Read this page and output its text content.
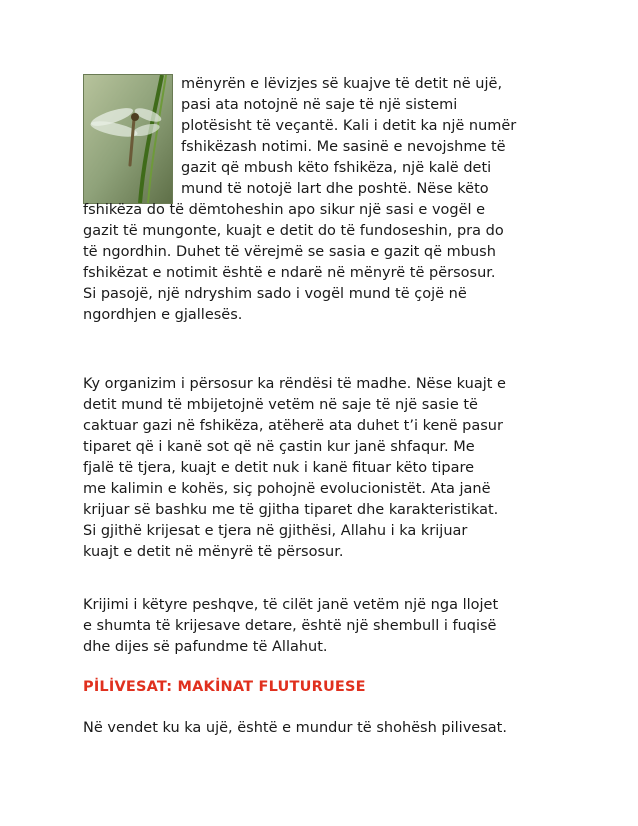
mënyrën e lëvizjes së kuajve të detit në ujë,
pasi ata notojnë në saje të një sistemi
plotësisht të veçantë. Kali i detit ka një numër
fshikëzash notimi. Me sasinë e nevojshme të
gazit që mbush këto fshikëza, një kalë deti
mund të notojë lart dhe poshtë. Nëse këto
fshikëza do të dëmtoheshin apo sikur një sasi e vogël e
gazit të mungonte, kuajt e detit do të fundoseshin, pra do
të ngordhin. Duhet të vërejmë se sasia e gazit që mbush
fshikëzat e notimit është e ndarë në mënyrë të përsosur.
Si pasojë, një ndryshim sado i vogël mund të çojë në
ngordhjen e gjallesës.
Ky organizim i përsosur ka rëndësi të madhe. Nëse kuajt e
detit mund të mbijetojnë vetëm në saje të një sasie të
caktuar gazi në fshikëza, atëherë ata duhet t’i kenë pasur
tiparet që i kanë sot që në çastin kur janë shfaqur. Me
fjalë të tjera, kuajt e detit nuk i kanë fituar këto tipare
me kalimin e kohës, siç pohojnë evolucionistët. Ata janë
krijuar së bashku me të gjitha tiparet dhe karakteristikat.
Si gjithë krijesat e tjera në gjithësi, Allahu i ka krijuar
kuajt e detit në mënyrë të përsosur.
Krijimi i këtyre peshqve, të cilët janë vetëm një nga llojet
e shumta të krijesave detare, është një shembull i fuqisë
dhe dijes së pafundme të Allahut.
PİLİVESAT: MAKİNAT FLUTURUESE
Në vendet ku ka ujë, është e mundur të shohësh pilivesat.
